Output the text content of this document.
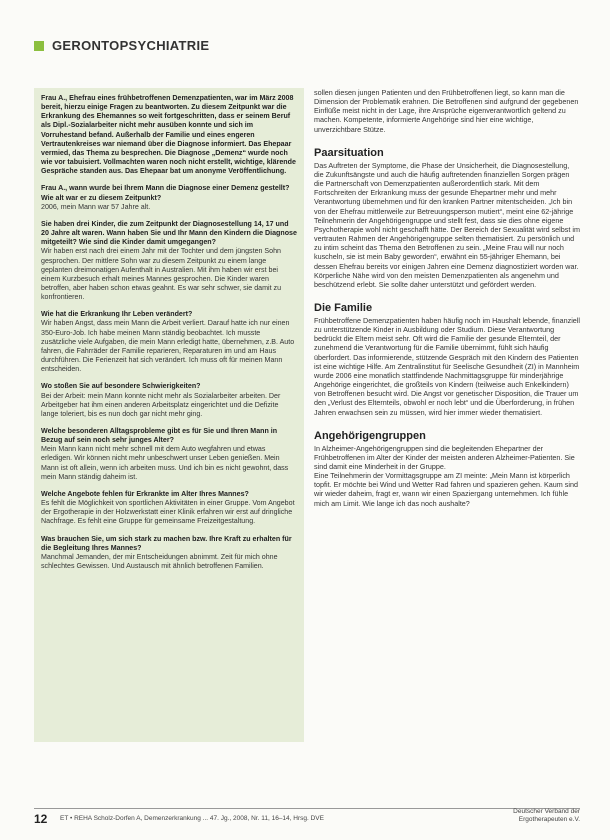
GERONTOPSYCHIATRIE

Frau A., Ehefrau eines frühbetroffenen Demenzpatienten, war im März 2008 bereit, hierzu einige Fragen zu beantworten. Zu diesem Zeitpunkt war die Erkrankung des Ehemannes so weit fortgeschritten, dass er seinem Beruf als Dipl.-Sozialarbeiter nicht mehr ausüben konnte und sich im Vorruhestand befand. Außerhalb der Familie und eines engeren Vertrautenkreises war niemand über die Diagnose informiert. Das Ehepaar vermied, das Thema zu besprechen. Die Diagnose „Demenz“ wurde noch wie vor tabuisiert. Vollmachten waren noch nicht erstellt, wichtige, klärende Gespräche standen aus. Das Ehepaar bat um anonyme Veröffentlichung.

Frau A., wann wurde bei Ihrem Mann die Diagnose einer Demenz gestellt? Wie alt war er zu diesem Zeitpunkt?

2006, mein Mann war 57 Jahre alt.

Sie haben drei Kinder, die zum Zeitpunkt der Diagnosestellung 14, 17 und 20 Jahre alt waren. Wann haben Sie und Ihr Mann den Kindern die Diagnose mitgeteilt? Wie sind die Kinder damit umgegangen?

Wir haben erst nach drei einem Jahr mit der Tochter und dem jüngsten Sohn gesprochen. Der mittlere Sohn war zu diesem Zeitpunkt zu einem lange geplanten dreimonatigen Aufenthalt in Australien. Mit ihm haben wir erst bei einem Kurzbesuch erhalt meines Mannes gesprochen. Die Kinder waren betroffen, aber haben schon etwas geahnt. Es war sehr schwer, sie damit zu konfrontieren.

Wie hat die Erkrankung Ihr Leben verändert?

Wir haben Angst, dass mein Mann die Arbeit verliert. Darauf hatte ich nur einen 350-Euro-Job. Ich habe meinen Mann ständig beobachtet. Ich musste zusätzliche viele Aufgaben, die mein Mann erledigt hatte, übernehmen, z.B. Auto fahren, die Fahrräder der Familie reparieren, Reparaturen im und am Haus durchführen. Die Ferienzeit hat sich verändert. Ich muss oft für meinen Mann entscheiden.

Wo stoßen Sie auf besondere Schwierigkeiten?

Bei der Arbeit: mein Mann konnte nicht mehr als Sozialarbeiter arbeiten. Der Arbeitgeber hat ihm einen anderen Arbeitsplatz eingerichtet und die Defizite lange toleriert, bis es nun doch gar nicht mehr ging.

Welche besonderen Alltagsprobleme gibt es für Sie und Ihren Mann in Bezug auf sein noch sehr junges Alter?

Mein Mann kann nicht mehr schnell mit dem Auto wegfahren und etwas erledigen. Wir können nicht mehr unbeschwert unser Leben genießen. Mein Mann ist oft allein, wenn ich arbeiten muss. Und ich bin es nicht gewohnt, dass mein Mann ständig daheim ist.

Welche Angebote fehlen für Erkrankte im Alter Ihres Mannes?

Es fehlt die Möglichkeit von sportlichen Aktivitäten in einer Gruppe. Vom Angebot der Ergotherapie in der Holzwerkstatt einer Klinik erfahren wir erst auf dringliche Nachfrage. Es fehlt eine Gruppe für gemeinsame Freizeitgestaltung.

Was brauchen Sie, um sich stark zu machen bzw. Ihre Kraft zu erhalten für die Begleitung Ihres Mannes?

Manchmal Jemanden, der mir Entscheidungen abnimmt. Zeit für mich ohne schlechtes Gewissen. Und Austausch mit ähnlich betroffenen Familien.

sollen diesen jungen Patienten und den Frühbetroffenen liegt, so kann man die Dimension der Problematik erahnen. Die Betroffenen sind aufgrund der gegebenen Einflüße meist nicht in der Lage, ihre Ansprüche eigenverantwortlich geltend zu machen. Kompetente, informierte Angehörige sind hier eine wichtige, unverzichtbare Stütze.

Paarsituation

Das Auftreten der Symptome, die Phase der Unsicherheit, die Diagnosestellung, die Zukunftsängste und auch die häufig auftretenden finanziellen Sorgen prägen die Partnerschaft von Demenzpatienten außerordentlich stark. Mit dem Fortschreiten der Erkrankung muss der gesunde Ehepartner mehr und mehr Verantwortung übernehmen und für den kranken Partner mitentscheiden. „Ich bin von der Ehefrau mittlerweile zur Betreuungsperson mutiert“, meint eine 62-jährige Teilnehmerin der Angehörigengruppe und stellt fest, dass sie dies ohne eigene Psychotherapie wohl nicht geschafft hätte. Der Bereich der Sexualität wird selbst im vertrauten Rahmen der Angehörigengruppe selten thematisiert. Zu persönlich und zu intim scheint das Thema den Betroffenen zu sein. „Meine Frau will nur noch kuscheln, sie ist mein Baby geworden“, erwähnt ein 55-jähriger Ehemann, bei dessen Ehefrau bereits vor einigen Jahren eine Demenz diagnostiziert worden war.

Körperliche Nähe wird von den meisten Demenzpatienten als angenehm und beschützend erlebt. Sie sollte daher unterstützt und gefördert werden.

Die Familie

Frühbetroffene Demenzpatienten haben häufig noch im Haushalt lebende, finanziell zu unterstützende Kinder in Ausbildung oder Studium. Diese Verantwortung bedrückt die Eltern meist sehr. Oft wird die Familie der gesunde Elternteil, der zunehmend die Verantwortung für die Familie übernimmt, fühlt sich häufig überfordert. Das informierende, stützende Gespräch mit den Kindern des Patienten ist eine wichtige Hilfe. Am Zentralinstitut für Seelische Gesundheit (ZI) in Mannheim wurde 2006 eine monatlich stattfindende Nachmittagsgruppe für minderjährige Angehörige eingerichtet, die großteils von Kindern (teilweise auch Enkelkindern) von Betroffenen besucht wird. Die Angst vor genetischer Disposition, die Trauer um den „Verlust des Elternteils, obwohl er noch lebt“ und die Überforderung, in frühen Jahren erwachsen sein zu müssen, wird hier immer wieder thematisiert.

Angehörigengruppen

In Alzheimer-Angehörigengruppen sind die begleitenden Ehepartner der Frühbetroffenen im Alter der Kinder der meisten anderen Alzheimer-Patienten. Sie sind damit eine Minderheit in der Gruppe.

Eine Teilnehmerin der Vormittagsgruppe am ZI meinte: „Mein Mann ist körperlich topfit. Er möchte bei Wind und Wetter Rad fahren und spazieren gehen. Kaum sind wir wieder daheim, fragt er, wann wir einen Spaziergang unternehmen. Ich fühle mich am Limit. Wie lange ich das noch aushalte?

12 ET • REHA Scholz-Dorfen A, Demenzerkrankung ... 47. Jg., 2008, Nr. 11, 16–14, Hrsg. DVE
Deutscher Verband der
Ergotherapeuten e.V.
